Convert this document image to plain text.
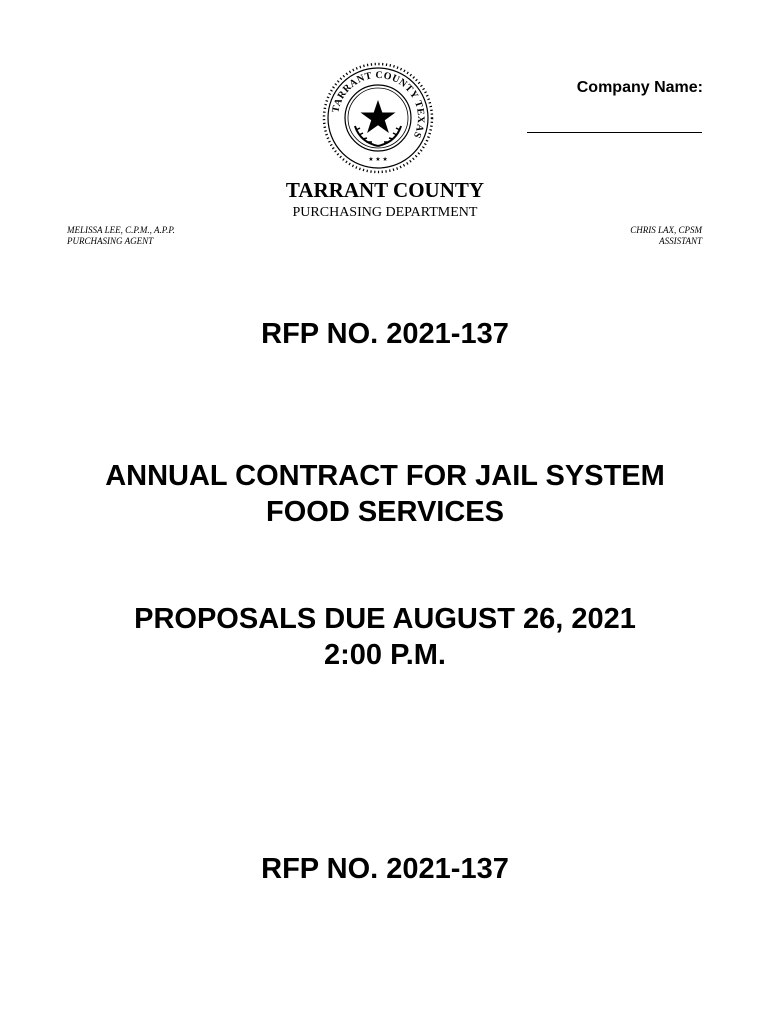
TARRANT COUNTY TEXAS
★ ★ ★
Company Name:
TARRANT COUNTY
PURCHASING DEPARTMENT
MELISSA LEE, C.P.M., A.P.P.
PURCHASING AGENT
CHRIS LAX, CPSM
ASSISTANT
RFP NO. 2021-137
ANNUAL CONTRACT FOR JAIL SYSTEM
FOOD SERVICES
PROPOSALS DUE AUGUST 26, 2021
2:00 P.M.
RFP NO. 2021-137
